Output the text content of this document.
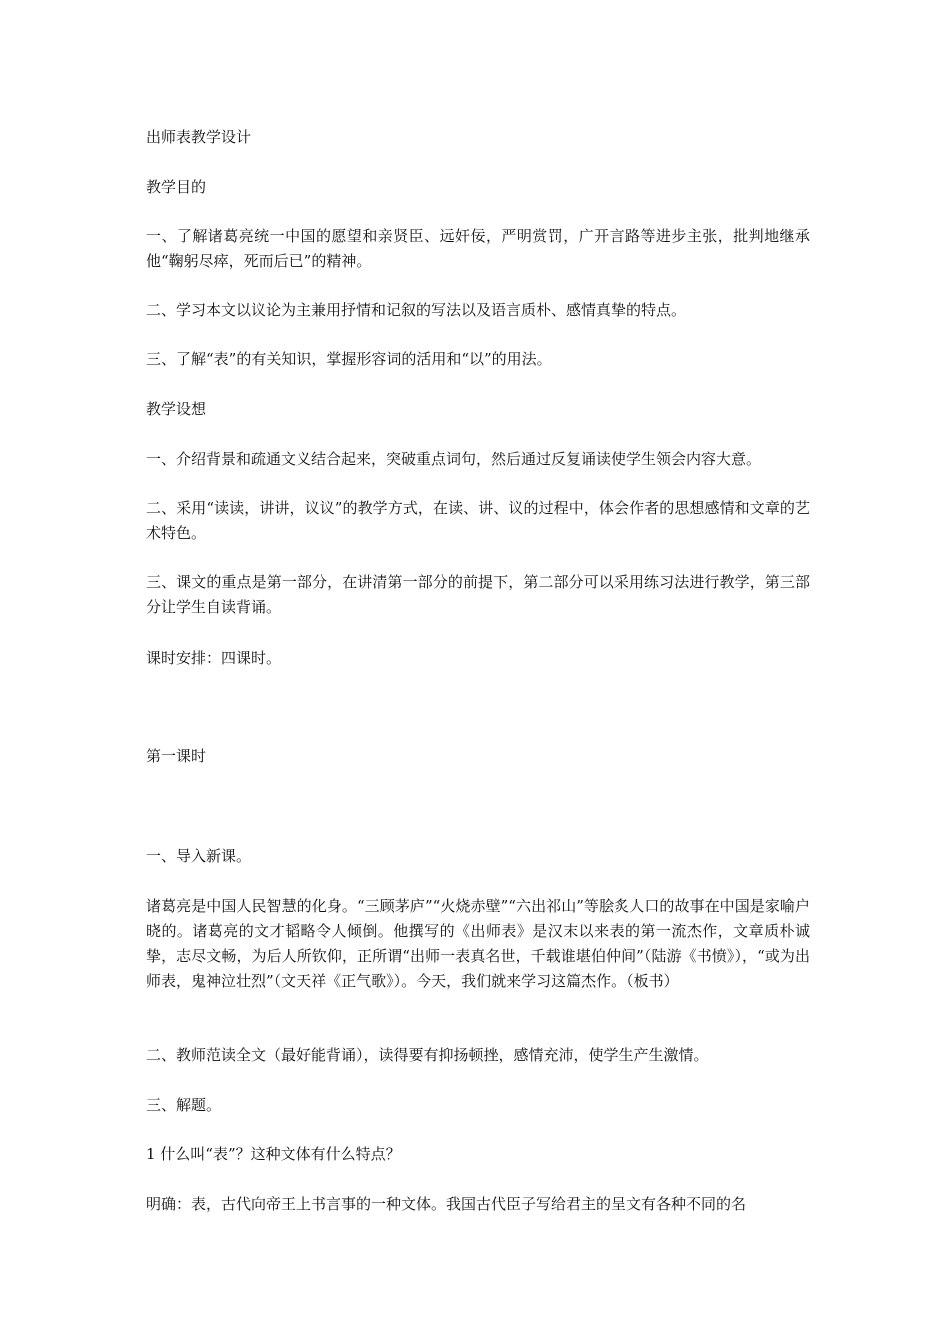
出师表教学设计

教学目的

一、了解诸葛亮统一中国的愿望和亲贤臣、远奸佞，严明赏罚，广开言路等进步主张，批判地继承他“鞠躬尽瘁，死而后已”的精神。

二、学习本文以议论为主兼用抒情和记叙的写法以及语言质朴、感情真挚的特点。

三、了解“表”的有关知识，掌握形容词的活用和“以”的用法。

教学设想

一、介绍背景和疏通文义结合起来，突破重点词句，然后通过反复诵读使学生领会内容大意。

二、采用“读读，讲讲，议议”的教学方式，在读、讲、议的过程中，体会作者的思想感情和文章的艺术特色。

三、课文的重点是第一部分，在讲清第一部分的前提下，第二部分可以采用练习法进行教学，第三部分让学生自读背诵。

课时安排：四课时。

第一课时

一、导入新课。

诸葛亮是中国人民智慧的化身。“三顾茅庐”“火烧赤壁”“六出祁山”等脍炙人口的故事在中国是家喻户晓的。诸葛亮的文才韬略令人倾倒。他撰写的《出师表》是汉末以来表的第一流杰作，文章质朴诚挚，志尽文畅，为后人所钦仰，正所谓“出师一表真名世，千载谁堪伯仲间”（陆游《书愤》），“或为出师表，鬼神泣壮烈”（文天祥《正气歌》）。今天，我们就来学习这篇杰作。（板书）

二、教师范读全文（最好能背诵），读得要有抑扬顿挫，感情充沛，使学生产生激情。

三、解题。

1 什么叫“表”？这种文体有什么特点？

明确：表，古代向帝王上书言事的一种文体。我国古代臣子写给君主的呈文有各种不同的名
